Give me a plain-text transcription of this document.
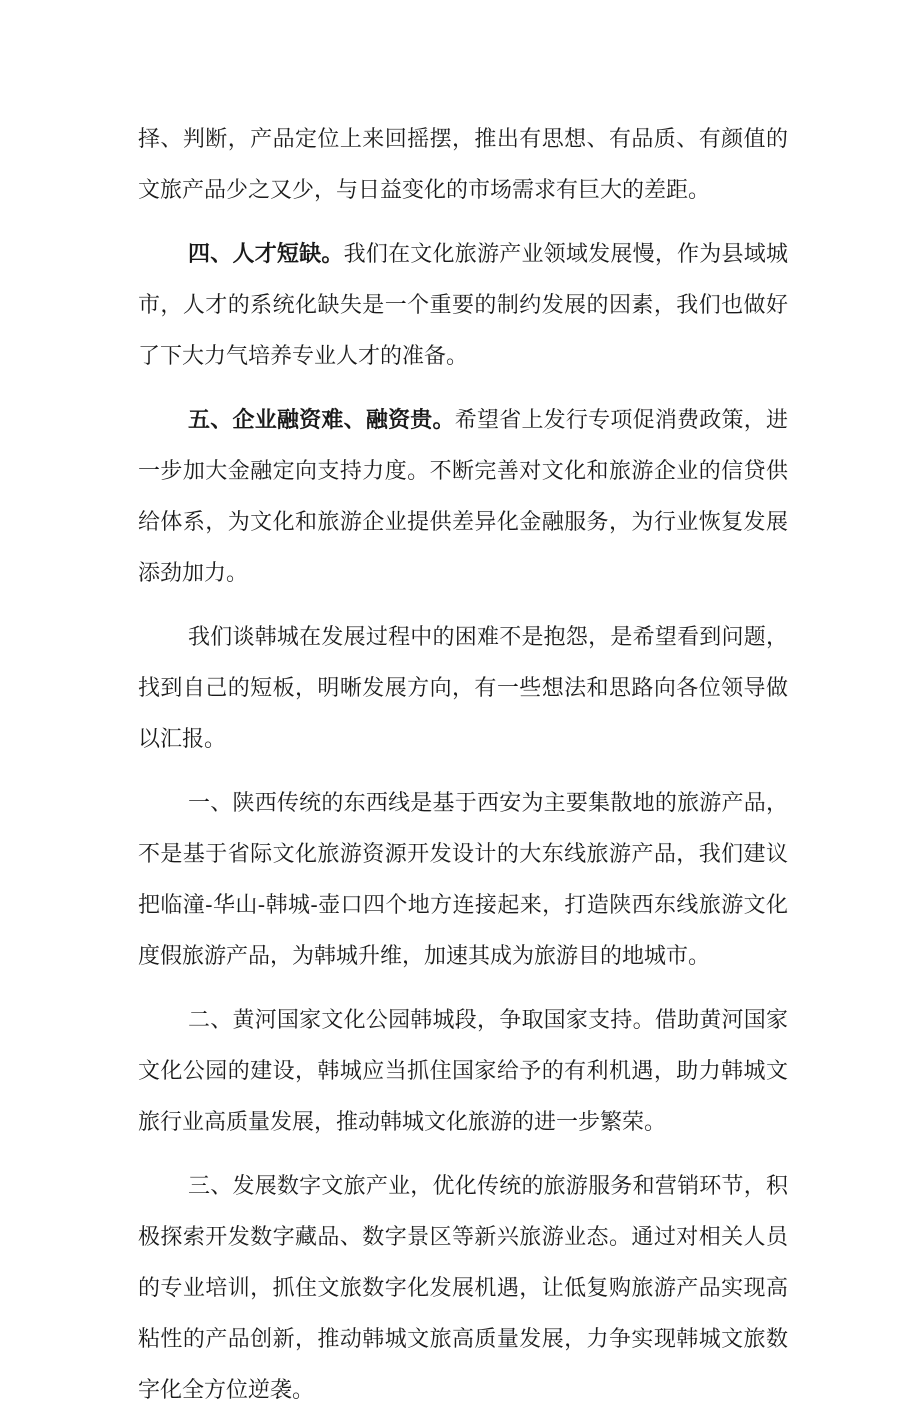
择、判断，产品定位上来回摇摆，推出有思想、有品质、有颜值的文旅产品少之又少，与日益变化的市场需求有巨大的差距。

四、人才短缺。我们在文化旅游产业领域发展慢，作为县域城市，人才的系统化缺失是一个重要的制约发展的因素，我们也做好了下大力气培养专业人才的准备。

五、企业融资难、融资贵。希望省上发行专项促消费政策，进一步加大金融定向支持力度。不断完善对文化和旅游企业的信贷供给体系，为文化和旅游企业提供差异化金融服务，为行业恢复发展添劲加力。

我们谈韩城在发展过程中的困难不是抱怨，是希望看到问题，找到自己的短板，明晰发展方向，有一些想法和思路向各位领导做以汇报。

一、陕西传统的东西线是基于西安为主要集散地的旅游产品，不是基于省际文化旅游资源开发设计的大东线旅游产品，我们建议把临潼-华山-韩城-壶口四个地方连接起来，打造陕西东线旅游文化度假旅游产品，为韩城升维，加速其成为旅游目的地城市。

二、黄河国家文化公园韩城段，争取国家支持。借助黄河国家文化公园的建设，韩城应当抓住国家给予的有利机遇，助力韩城文旅行业高质量发展，推动韩城文化旅游的进一步繁荣。

三、发展数字文旅产业，优化传统的旅游服务和营销环节，积极探索开发数字藏品、数字景区等新兴旅游业态。通过对相关人员的专业培训，抓住文旅数字化发展机遇，让低复购旅游产品实现高粘性的产品创新，推动韩城文旅高质量发展，力争实现韩城文旅数字化全方位逆袭。
